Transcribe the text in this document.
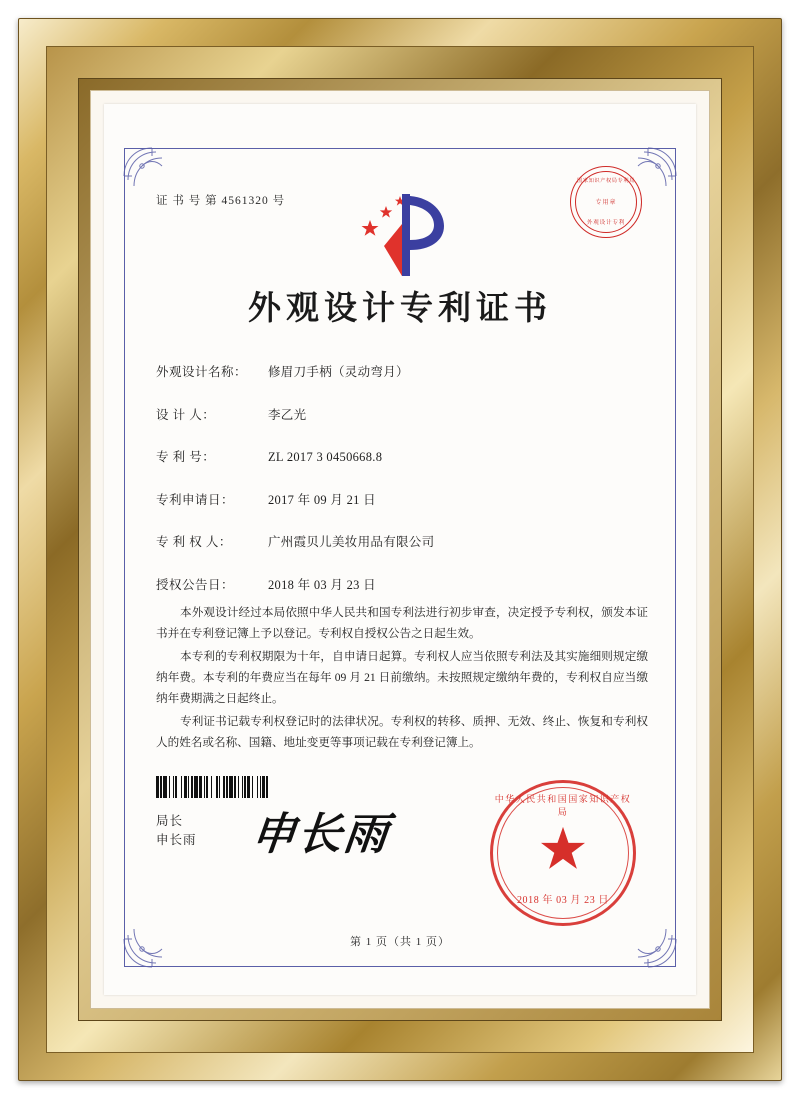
证 书 号 第 4561320 号
国家知识产权局专利局
专用章
外观设计专利
外观设计专利证书
外观设计名称：	修眉刀手柄（灵动弯月）
设 计 人：	李乙光
专 利 号：	ZL 2017 3 0450668.8
专利申请日：	2017 年 09 月 21 日
专 利 权 人：	广州霞贝儿美妆用品有限公司
授权公告日：	2018 年 03 月 23 日

本外观设计经过本局依照中华人民共和国专利法进行初步审查，决定授予专利权，颁发本证书并在专利登记簿上予以登记。专利权自授权公告之日起生效。

本专利的专利权期限为十年，自申请日起算。专利权人应当依照专利法及其实施细则规定缴纳年费。本专利的年费应当在每年 09 月 21 日前缴纳。未按照规定缴纳年费的，专利权自应当缴纳年费期满之日起终止。

专利证书记载专利权登记时的法律状况。专利权的转移、质押、无效、终止、恢复和专利权人的姓名或名称、国籍、地址变更等事项记载在专利登记簿上。

局长
申长雨 申长雨
中华人民共和国国家知识产权局
2018 年 03 月 23 日
第 1 页（共 1 页）
